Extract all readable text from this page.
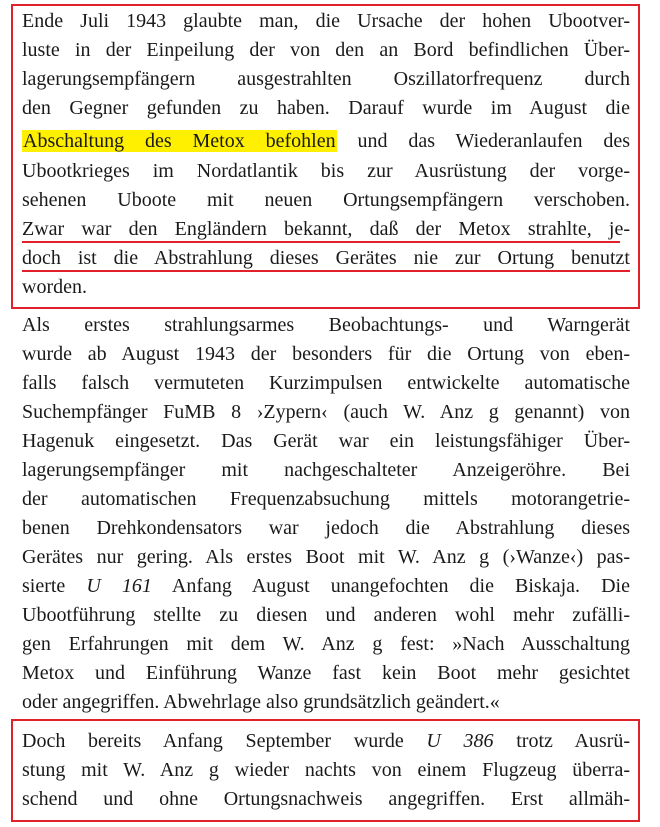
Ende Juli 1943 glaubte man, die Ursache der hohen Ubootver-
luste in der Einpeilung der von den an Bord befindlichen Über-
lagerungsempfängern ausgestrahlten Oszillatorfrequenz durch
den Gegner gefunden zu haben. Darauf wurde im August die
Abschaltung des Metox befohlen und das Wiederanlaufen des
Ubootkrieges im Nordatlantik bis zur Ausrüstung der vorge-
sehenen Uboote mit neuen Ortungsempfängern verschoben.
Zwar war den Engländern bekannt, daß der Metox strahlte, je-
doch ist die Abstrahlung dieses Gerätes nie zur Ortung benutzt
worden.
Als erstes strahlungsarmes Beobachtungs- und Warngerät
wurde ab August 1943 der besonders für die Ortung von eben-
falls falsch vermuteten Kurzimpulsen entwickelte automatische
Suchempfänger FuMB 8 ›Zypern‹ (auch W. Anz g genannt) von
Hagenuk eingesetzt. Das Gerät war ein leistungsfähiger Über-
lagerungsempfänger mit nachgeschalteter Anzeigeröhre. Bei
der automatischen Frequenzabsuchung mittels motorangetrie-
benen Drehkondensators war jedoch die Abstrahlung dieses
Gerätes nur gering. Als erstes Boot mit W. Anz g (›Wanze‹) pas-
sierte U 161 Anfang August unangefochten die Biskaja. Die
Ubootführung stellte zu diesen und anderen wohl mehr zufälli-
gen Erfahrungen mit dem W. Anz g fest: »Nach Ausschaltung
Metox und Einführung Wanze fast kein Boot mehr gesichtet
oder angegriffen. Abwehrlage also grundsätzlich geändert.«
Doch bereits Anfang September wurde U 386 trotz Ausrü-
stung mit W. Anz g wieder nachts von einem Flugzeug überra-
schend und ohne Ortungsnachweis angegriffen. Erst allmäh-
